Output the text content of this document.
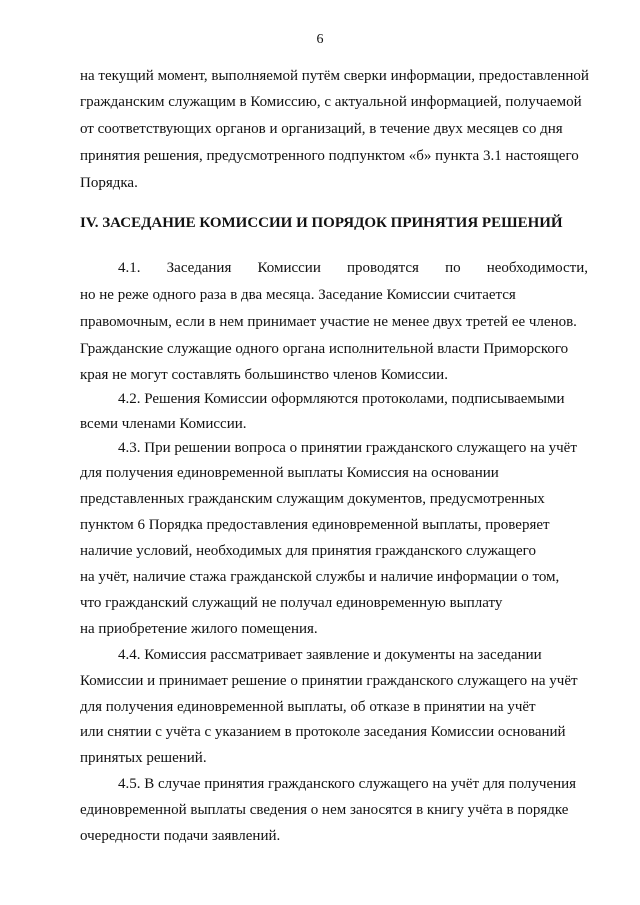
6
на текущий момент, выполняемой путём сверки информации, предоставленной
гражданским служащим в Комиссию, с актуальной информацией, получаемой
от соответствующих органов и организаций, в течение двух месяцев со дня
принятия решения, предусмотренного подпунктом «б» пункта 3.1 настоящего
Порядка.
IV. ЗАСЕДАНИЕ КОМИССИИ И ПОРЯДОК ПРИНЯТИЯ РЕШЕНИЙ
4.1. Заседания Комиссии проводятся по необходимости,
но не реже одного раза в два месяца. Заседание Комиссии считается
правомочным, если в нем принимает участие не менее двух третей ее членов.
Гражданские служащие одного органа исполнительной власти Приморского
края не могут составлять большинство членов Комиссии.
4.2. Решения Комиссии оформляются протоколами, подписываемыми
всеми членами Комиссии.
4.3. При решении вопроса о принятии гражданского служащего на учёт
для получения единовременной выплаты Комиссия на основании
представленных гражданским служащим документов, предусмотренных
пунктом 6 Порядка предоставления единовременной выплаты, проверяет
наличие условий, необходимых для принятия гражданского служащего
на учёт, наличие стажа гражданской службы и наличие информации о том,
что гражданский служащий не получал единовременную выплату
на приобретение жилого помещения.
4.4. Комиссия рассматривает заявление и документы на заседании
Комиссии и принимает решение о принятии гражданского служащего на учёт
для получения единовременной выплаты, об отказе в принятии на учёт
или снятии с учёта с указанием в протоколе заседания Комиссии оснований
принятых решений.
4.5. В случае принятия гражданского служащего на учёт для получения
единовременной выплаты сведения о нем заносятся в книгу учёта в порядке
очередности подачи заявлений.
